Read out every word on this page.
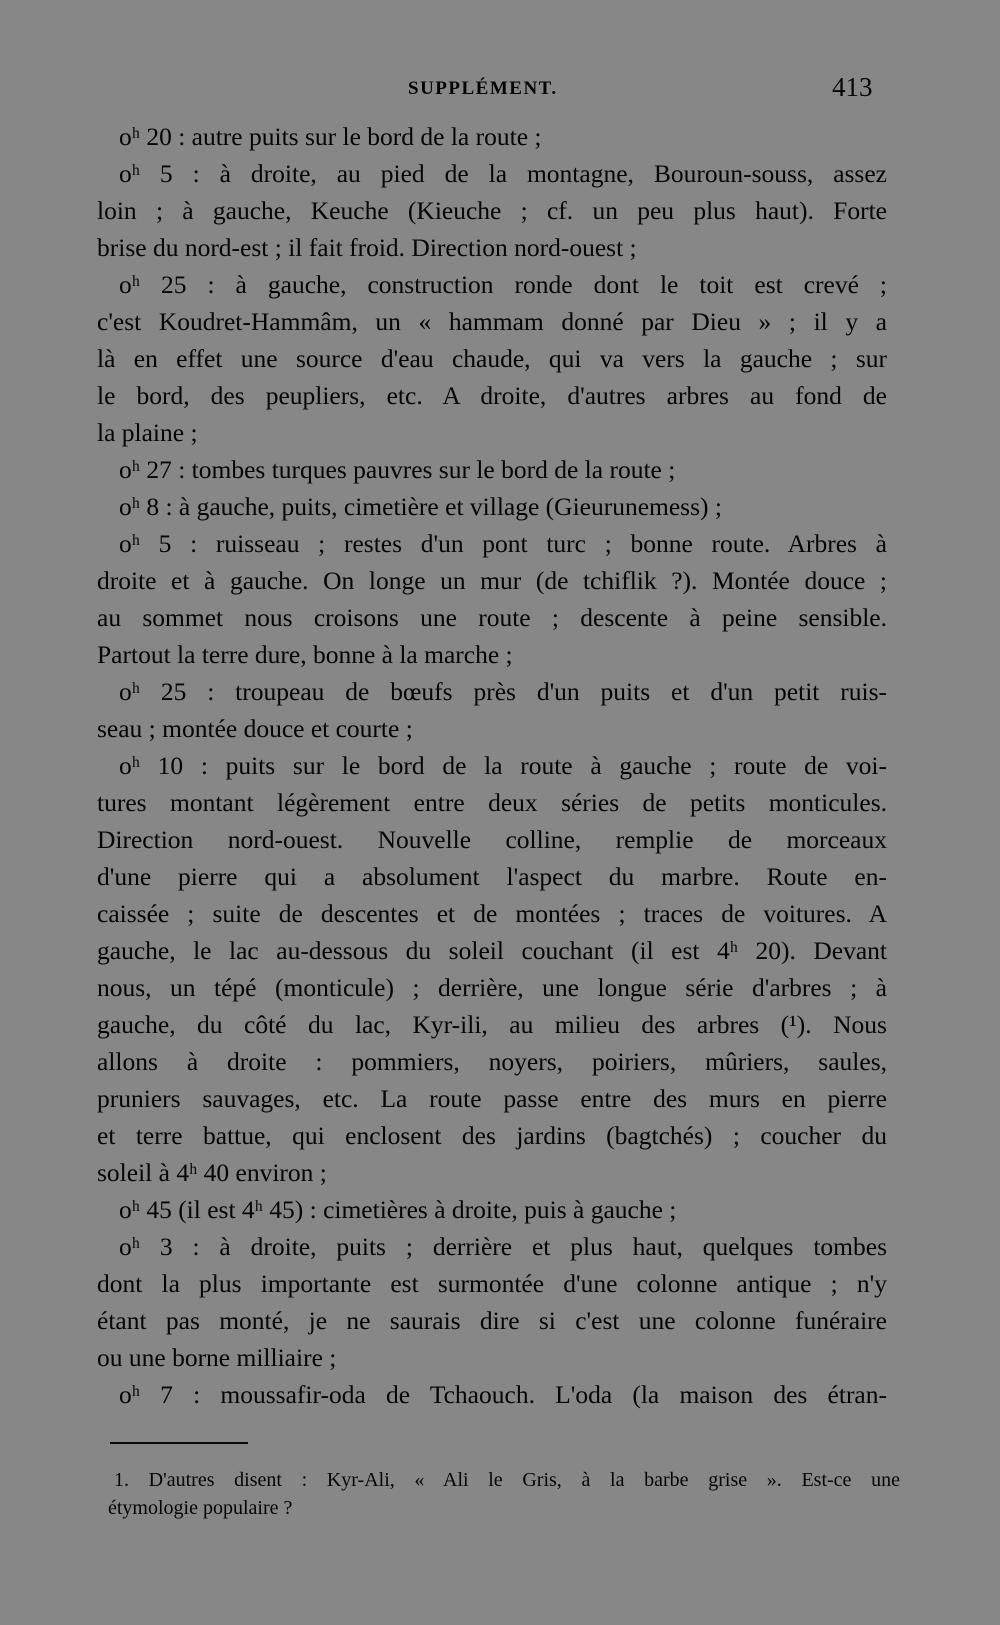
SUPPLÉMENT.	413
oʰ 20 : autre puits sur le bord de la route ;
oʰ 5 : à droite, au pied de la montagne, Bouroun-souss, assez
loin ; à gauche, Keuche (Kieuche ; cf. un peu plus haut). Forte
brise du nord-est ; il fait froid. Direction nord-ouest ;
oʰ 25 : à gauche, construction ronde dont le toit est crevé ;
c'est Koudret-Hammâm, un « hammam donné par Dieu » ; il y a
là en effet une source d'eau chaude, qui va vers la gauche ; sur
le bord, des peupliers, etc. A droite, d'autres arbres au fond de
la plaine ;
oʰ 27 : tombes turques pauvres sur le bord de la route ;
oʰ 8 : à gauche, puits, cimetière et village (Gieurunemess) ;
oʰ 5 : ruisseau ; restes d'un pont turc ; bonne route. Arbres à
droite et à gauche. On longe un mur (de tchiflik ?). Montée douce ;
au sommet nous croisons une route ; descente à peine sensible.
Partout la terre dure, bonne à la marche ;
oʰ 25 : troupeau de bœufs près d'un puits et d'un petit ruis-
seau ; montée douce et courte ;
oʰ 10 : puits sur le bord de la route à gauche ; route de voi-
tures montant légèrement entre deux séries de petits monticules.
Direction nord-ouest. Nouvelle colline, remplie de morceaux
d'une pierre qui a absolument l'aspect du marbre. Route en-
caissée ; suite de descentes et de montées ; traces de voitures. A
gauche, le lac au-dessous du soleil couchant (il est 4ʰ 20). Devant
nous, un tépé (monticule) ; derrière, une longue série d'arbres ; à
gauche, du côté du lac, Kyr-ili, au milieu des arbres (¹). Nous
allons à droite : pommiers, noyers, poiriers, mûriers, saules,
pruniers sauvages, etc. La route passe entre des murs en pierre
et terre battue, qui enclosent des jardins (bagtchés) ; coucher du
soleil à 4ʰ 40 environ ;
oʰ 45 (il est 4ʰ 45) : cimetières à droite, puis à gauche ;
oʰ 3 : à droite, puits ; derrière et plus haut, quelques tombes
dont la plus importante est surmontée d'une colonne antique ; n'y
étant pas monté, je ne saurais dire si c'est une colonne funéraire
ou une borne milliaire ;
oʰ 7 : moussafir-oda de Tchaouch. L'oda (la maison des étran-
1. D'autres disent : Kyr-Ali, « Ali le Gris, à la barbe grise ». Est-ce une
étymologie populaire ?
